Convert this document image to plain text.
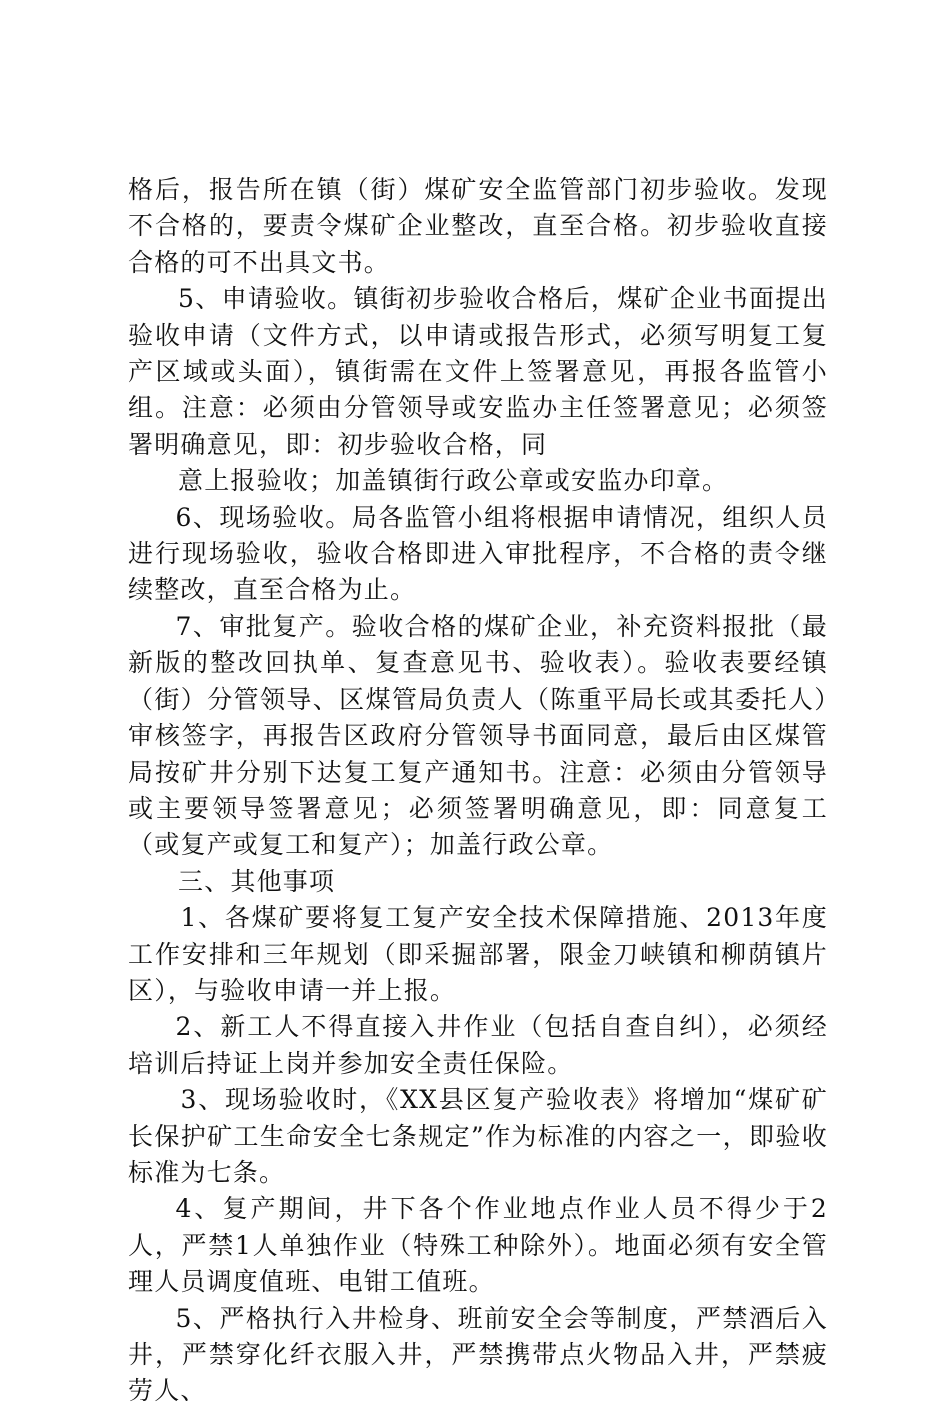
格后，报告所在镇（街）煤矿安全监管部门初步验收。发现不合格的，要责令煤矿企业整改，直至合格。初步验收直接合格的可不出具文书。

5、申请验收。镇街初步验收合格后，煤矿企业书面提出验收申请（文件方式，以申请或报告形式，必须写明复工复产区域或头面），镇街需在文件上签署意见，再报各监管小组。注意：必须由分管领导或安监办主任签署意见；必须签署明确意见，即：初步验收合格，同

意上报验收；加盖镇街行政公章或安监办印章。

6、现场验收。局各监管小组将根据申请情况，组织人员进行现场验收，验收合格即进入审批程序，不合格的责令继续整改，直至合格为止。

7、审批复产。验收合格的煤矿企业，补充资料报批（最新版的整改回执单、复查意见书、验收表）。验收表要经镇（街）分管领导、区煤管局负责人（陈重平局长或其委托人）审核签字，再报告区政府分管领导书面同意，最后由区煤管局按矿井分别下达复工复产通知书。注意：必须由分管领导或主要领导签署意见；必须签署明确意见，即：同意复工（或复产或复工和复产）；加盖行政公章。

三、其他事项

1、各煤矿要将复工复产安全技术保障措施、2013年度工作安排和三年规划（即采掘部署，限金刀峡镇和柳荫镇片区），与验收申请一并上报。

2、新工人不得直接入井作业（包括自查自纠），必须经培训后持证上岗并参加安全责任保险。

3、现场验收时，《XX县区复产验收表》将增加“煤矿矿长保护矿工生命安全七条规定”作为标准的内容之一，即验收标准为七条。

4、复产期间，井下各个作业地点作业人员不得少于2人，严禁1人单独作业（特殊工种除外）。地面必须有安全管理人员调度值班、电钳工值班。

5、严格执行入井检身、班前安全会等制度，严禁酒后入井，严禁穿化纤衣服入井，严禁携带点火物品入井，严禁疲劳人、
